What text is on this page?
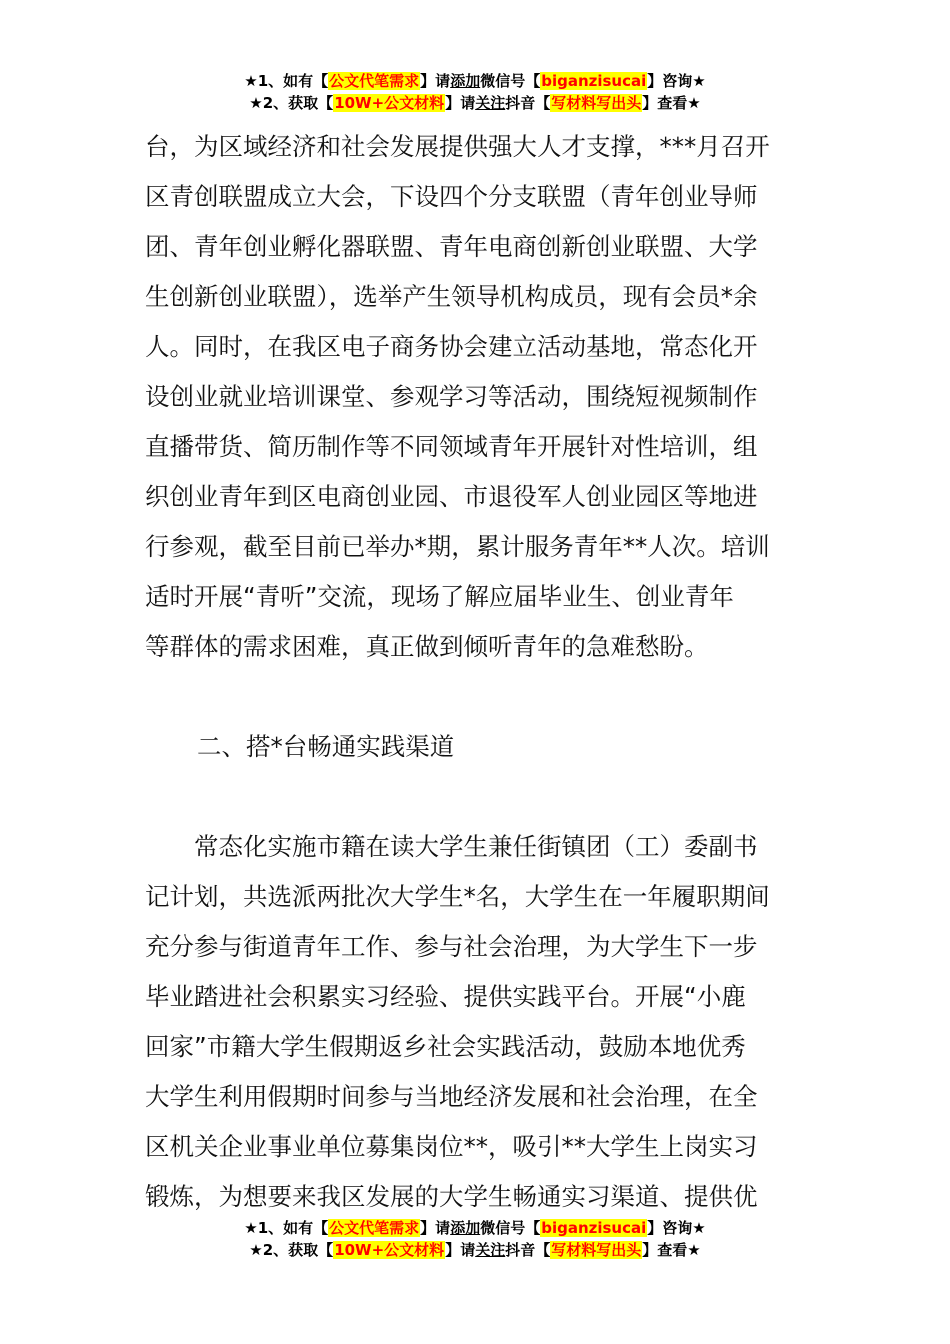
★1、如有【公文代笔需求】请添加微信号【biganzisucai】咨询★
★2、获取【10W+公文材料】请关注抖音【写材料写出头】查看★
台，为区域经济和社会发展提供强大人才支撑，***月召开
区青创联盟成立大会，下设四个分支联盟（青年创业导师
团、青年创业孵化器联盟、青年电商创新创业联盟、大学
生创新创业联盟），选举产生领导机构成员，现有会员*余
人。同时，在我区电子商务协会建立活动基地，常态化开
设创业就业培训课堂、参观学习等活动，围绕短视频制作
直播带货、简历制作等不同领域青年开展针对性培训，组
织创业青年到区电商创业园、市退役军人创业园区等地进
行参观，截至目前已举办*期，累计服务青年**人次。培训
适时开展“青听”交流，现场了解应届毕业生、创业青年
等群体的需求困难，真正做到倾听青年的急难愁盼。
二、搭*台畅通实践渠道
　　常态化实施市籍在读大学生兼任街镇团（工）委副书
记计划，共选派两批次大学生*名，大学生在一年履职期间
充分参与街道青年工作、参与社会治理，为大学生下一步
毕业踏进社会积累实习经验、提供实践平台。开展“小鹿
回家”市籍大学生假期返乡社会实践活动，鼓励本地优秀
大学生利用假期时间参与当地经济发展和社会治理，在全
区机关企业事业单位募集岗位**，吸引**大学生上岗实习
锻炼，为想要来我区发展的大学生畅通实习渠道、提供优
★1、如有【公文代笔需求】请添加微信号【biganzisucai】咨询★
★2、获取【10W+公文材料】请关注抖音【写材料写出头】查看★
